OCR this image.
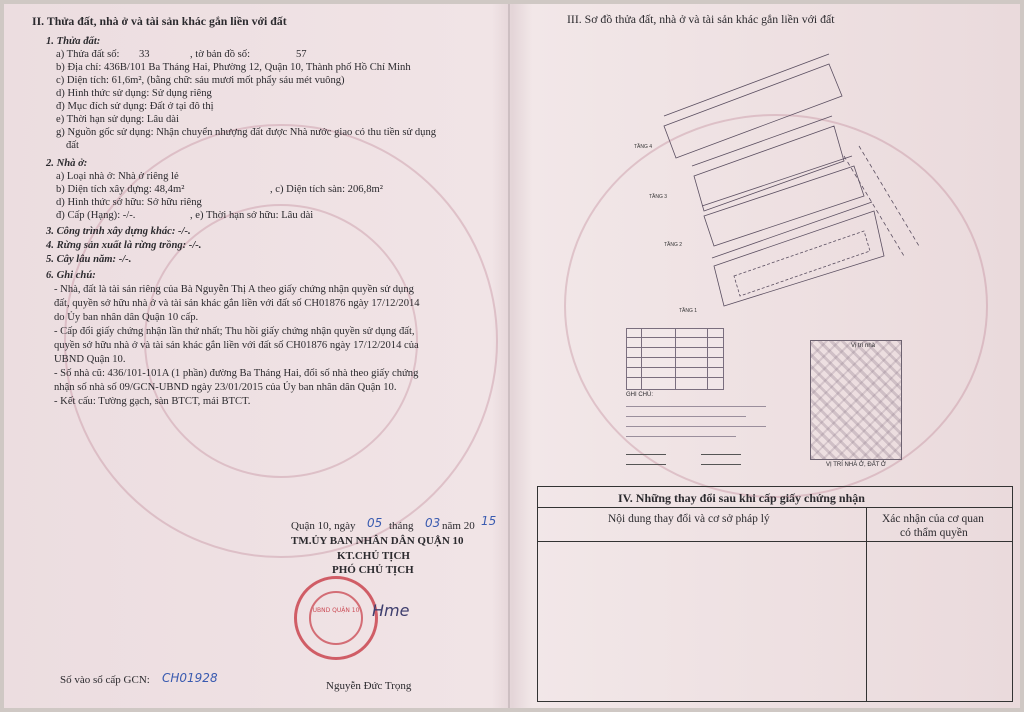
II. Thửa đất, nhà ở và tài sản khác gắn liền với đất
1. Thửa đất:
a) Thửa đất số: 33	, tờ bản đồ số:	57
b) Địa chỉ: 436B/101 Ba Tháng Hai, Phường 12, Quận 10, Thành phố Hồ Chí Minh
c) Diện tích: 61,6m², (bằng chữ: sáu mươi mốt phẩy sáu mét vuông)
d) Hình thức sử dụng: Sử dụng riêng
đ) Mục đích sử dụng: Đất ở tại đô thị
e) Thời hạn sử dụng: Lâu dài
g) Nguồn gốc sử dụng: Nhận chuyển nhượng đất được Nhà nước giao có thu tiền sử dụng
đất
2. Nhà ở:
a) Loại nhà ở: Nhà ở riêng lẻ
b) Diện tích xây dựng: 48,4m²	, c) Diện tích sàn: 206,8m²
d) Hình thức sở hữu: Sở hữu riêng
đ) Cấp (Hạng): -/-.	, e) Thời hạn sở hữu: Lâu dài
3. Công trình xây dựng khác: -/-.
4. Rừng sản xuất là rừng trồng: -/-.
5. Cây lâu năm: -/-.
6. Ghi chú:
- Nhà, đất là tài sản riêng của Bà Nguyễn Thị A theo giấy chứng nhận quyền sử dụng
đất, quyền sở hữu nhà ở và tài sản khác gắn liền với đất số CH01876 ngày 17/12/2014
do Ủy ban nhân dân Quận 10 cấp.
- Cấp đổi giấy chứng nhận lần thứ nhất; Thu hồi giấy chứng nhận quyền sử dụng đất,
quyền sở hữu nhà ở và tài sản khác gắn liền với đất số CH01876 ngày 17/12/2014 của
UBND Quận 10.
- Số nhà cũ: 436/101-101A (1 phần) đường Ba Tháng Hai, đổi số nhà theo giấy chứng
nhận số nhà số 09/GCN-UBND ngày 23/01/2015 của Ủy ban nhân dân Quận 10.
- Kết cấu: Tường gạch, sàn BTCT, mái BTCT.
Quận 10, ngày 05 tháng 03 năm 20 15
TM.ỦY BAN NHÂN DÂN QUẬN 10
KT.CHỦ TỊCH
PHÓ CHỦ TỊCH
UBND QUẬN 10 Hme
Nguyễn Đức Trọng
Số vào sổ cấp GCN: CH01928
III. Sơ đồ thửa đất, nhà ở và tài sản khác gắn liền với đất
TẦNG 4
TẦNG 3
TẦNG 2
TẦNG 1
GHI CHÚ:
Vị trí nhà
VỊ TRÍ NHÀ Ở, ĐẤT Ở
IV. Những thay đổi sau khi cấp giấy chứng nhận
Nội dung thay đổi và cơ sở pháp lý	Xác nhận của cơ quan
có thẩm quyền
